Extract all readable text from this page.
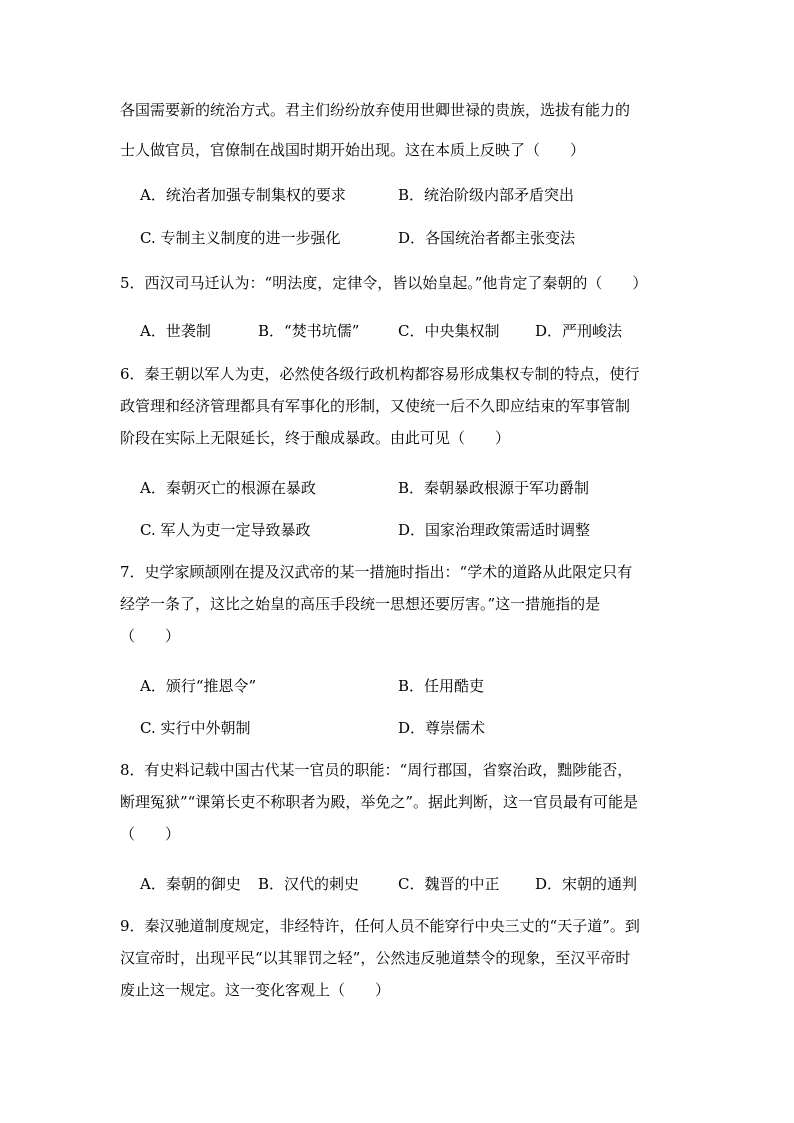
各国需要新的统治方式。君主们纷纷放弃使用世卿世禄的贵族，选拔有能力的
士人做官员，官僚制在战国时期开始出现。这在本质上反映了（　　）
A．统治者加强专制集权的要求	B．统治阶级内部矛盾突出
C. 专制主义制度的进一步强化	D．各国统治者都主张变法
5．西汉司马迁认为：“明法度，定律令，皆以始皇起。”他肯定了秦朝的（　　）
A．世袭制	B．“焚书坑儒”	C．中央集权制 D．严刑峻法
6．秦王朝以军人为吏，必然使各级行政机构都容易形成集权专制的特点，使行
政管理和经济管理都具有军事化的形制，又使统一后不久即应结束的军事管制
阶段在实际上无限延长，终于酿成暴政。由此可见（　　）
A．秦朝灭亡的根源在暴政	B．秦朝暴政根源于军功爵制
C. 军人为吏一定导致暴政	D．国家治理政策需适时调整
7．史学家顾颉刚在提及汉武帝的某一措施时指出：“学术的道路从此限定只有
经学一条了，这比之始皇的高压手段统一思想还要厉害。”这一措施指的是
（　　）
A．颁行“推恩令”	B．任用酷吏
C. 实行中外朝制	D．尊崇儒术
8．有史料记载中国古代某一官员的职能：“周行郡国，省察治政，黜陟能否，
断理冤狱”“课第长吏不称职者为殿，举免之”。据此判断，这一官员最有可能是
（　　）
A．秦朝的御史 B．汉代的刺史	C．魏晋的中正 D．宋朝的通判
9．秦汉驰道制度规定，非经特许，任何人员不能穿行中央三丈的“天子道”。到
汉宣帝时，出现平民“以其罪罚之轻”，公然违反驰道禁令的现象，至汉平帝时
废止这一规定。这一变化客观上（　　）
